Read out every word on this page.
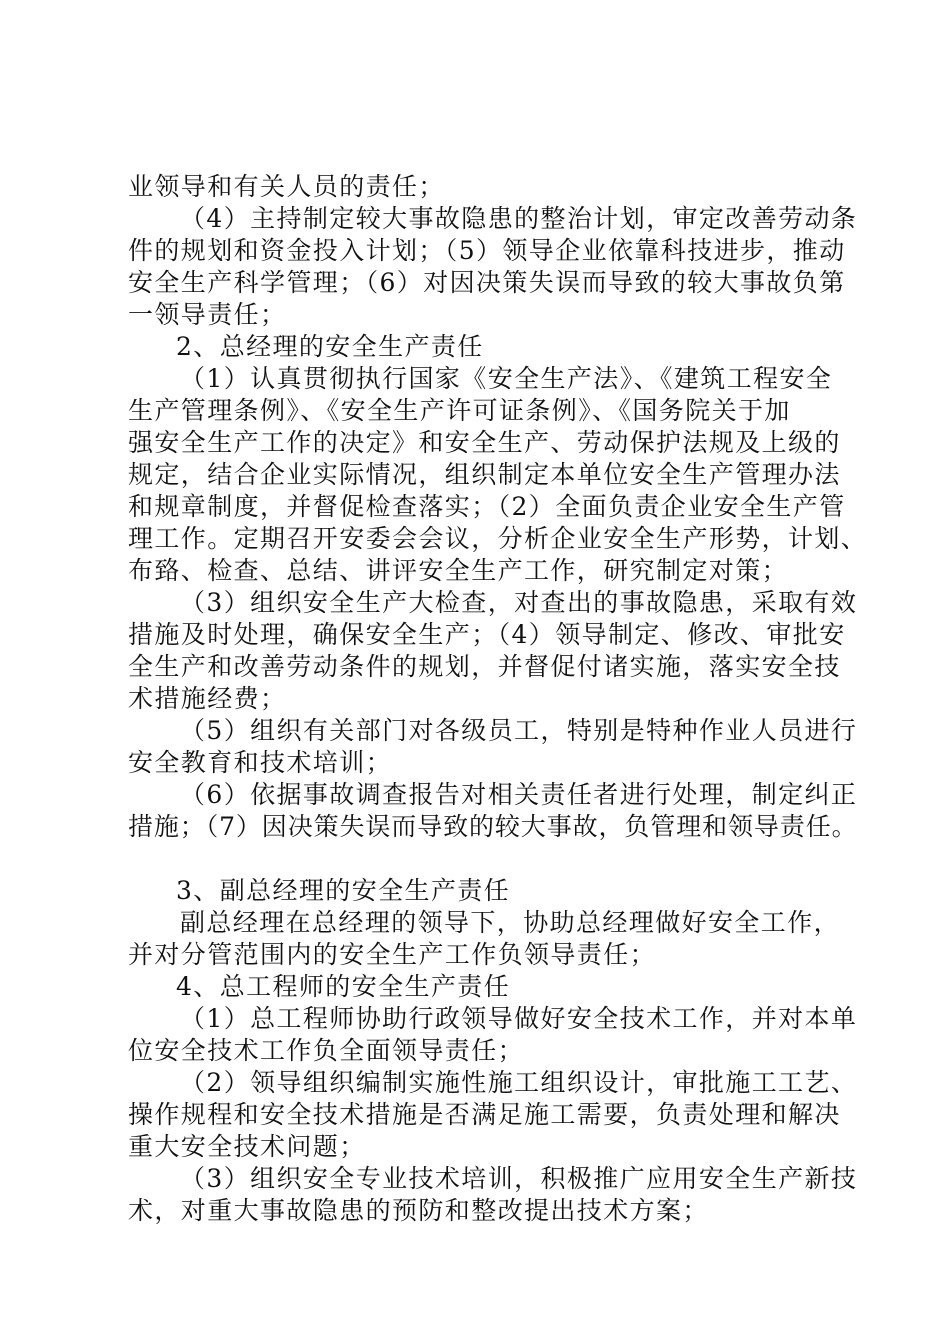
业领导和有关人员的责任；
（4）主持制定较大事故隐患的整治计划，审定改善劳动条
件的规划和资金投入计划；（5）领导企业依靠科技进步，推动
安全生产科学管理；（6）对因决策失误而导致的较大事故负第
一领导责任；
2、总经理的安全生产责任
（1）认真贯彻执行国家《安全生产法》、《建筑工程安全
生产管理条例》、《安全生产许可证条例》、《国务院关于加
强安全生产工作的决定》和安全生产、劳动保护法规及上级的
规定，结合企业实际情况，组织制定本单位安全生产管理办法
和规章制度，并督促检查落实；（2）全面负责企业安全生产管
理工作。定期召开安委会会议，分析企业安全生产形势，计划、
布臵、检查、总结、讲评安全生产工作，研究制定对策；
（3）组织安全生产大检查，对查出的事故隐患，采取有效
措施及时处理，确保安全生产；（4）领导制定、修改、审批安
全生产和改善劳动条件的规划，并督促付诸实施，落实安全技
术措施经费；
（5）组织有关部门对各级员工，特别是特种作业人员进行
安全教育和技术培训；
（6）依据事故调查报告对相关责任者进行处理，制定纠正
措施；（7）因决策失误而导致的较大事故，负管理和领导责任。
3、副总经理的安全生产责任
副总经理在总经理的领导下，协助总经理做好安全工作，
并对分管范围内的安全生产工作负领导责任；
4、总工程师的安全生产责任
（1）总工程师协助行政领导做好安全技术工作，并对本单
位安全技术工作负全面领导责任；
（2）领导组织编制实施性施工组织设计，审批施工工艺、
操作规程和安全技术措施是否满足施工需要，负责处理和解决
重大安全技术问题；
（3）组织安全专业技术培训，积极推广应用安全生产新技
术，对重大事故隐患的预防和整改提出技术方案；
